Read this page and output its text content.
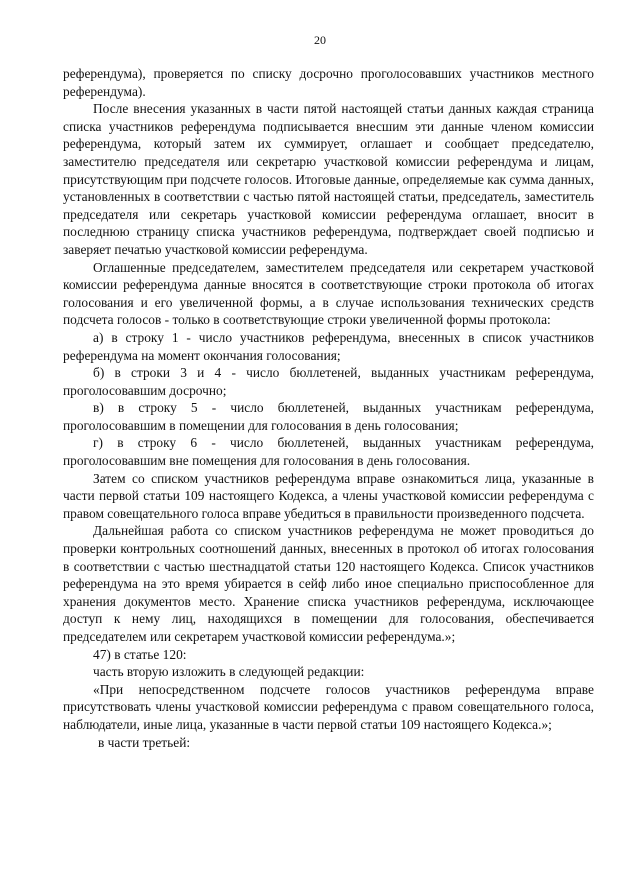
20

референдума), проверяется по списку досрочно проголосовавших участников местного референдума).

После внесения указанных в части пятой настоящей статьи данных каждая страница списка участников референдума подписывается внесшим эти данные членом комиссии референдума, который затем их суммирует, оглашает и сообщает председателю, заместителю председателя или секретарю участковой комиссии референдума и лицам, присутствующим при подсчете голосов. Итоговые данные, определяемые как сумма данных, установленных в соответствии с частью пятой настоящей статьи, председатель, заместитель председателя или секретарь участковой комиссии референдума оглашает, вносит в последнюю страницу списка участников референдума, подтверждает своей подписью и заверяет печатью участковой комиссии референдума.

Оглашенные председателем, заместителем председателя или секретарем участковой комиссии референдума данные вносятся в соответствующие строки протокола об итогах голосования и его увеличенной формы, а в случае использования технических средств подсчета голосов - только в соответствующие строки увеличенной формы протокола:

а) в строку 1 - число участников референдума, внесенных в список участников референдума на момент окончания голосования;

б) в строки 3 и 4 - число бюллетеней, выданных участникам референдума, проголосовавшим досрочно;

в) в строку 5 - число бюллетеней, выданных участникам референдума, проголосовавшим в помещении для голосования в день голосования;

г) в строку 6 - число бюллетеней, выданных участникам референдума, проголосовавшим вне помещения для голосования в день голосования.

Затем со списком участников референдума вправе ознакомиться лица, указанные в части первой статьи 109 настоящего Кодекса, а члены участковой комиссии референдума с правом совещательного голоса вправе убедиться в правильности произведенного подсчета.

Дальнейшая работа со списком участников референдума не может проводиться до проверки контрольных соотношений данных, внесенных в протокол об итогах голосования в соответствии с частью шестнадцатой статьи 120 настоящего Кодекса. Список участников референдума на это время убирается в сейф либо иное специально приспособленное для хранения документов место. Хранение списка участников референдума, исключающее доступ к нему лиц, находящихся в помещении для голосования, обеспечивается председателем или секретарем участковой комиссии референдума.»;

47) в статье 120:

часть вторую изложить в следующей редакции:

«При непосредственном подсчете голосов участников референдума вправе присутствовать члены участковой комиссии референдума с правом совещательного голоса, наблюдатели, иные лица, указанные в части первой статьи 109 настоящего Кодекса.»;

в части третьей:
